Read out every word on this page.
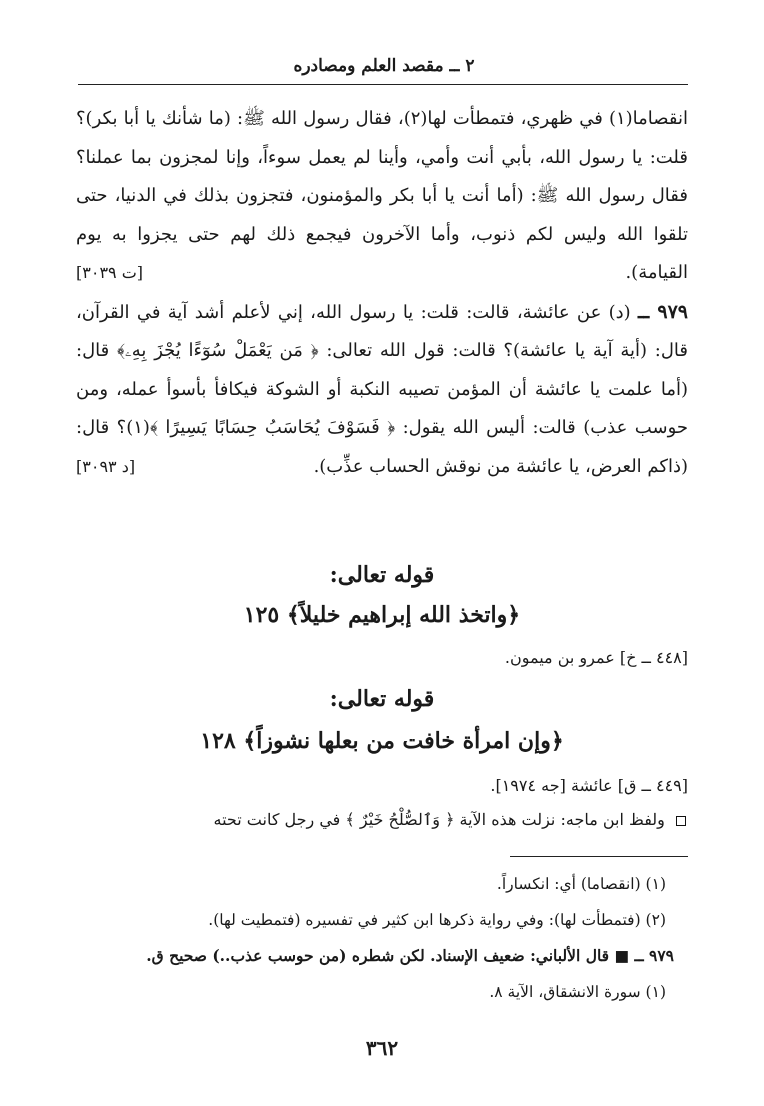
٢ ــ مقصد العلم ومصادره

انقصاما(١) في ظهري، فتمطأت لها(٢)، فقال رسول الله ﷺ: (ما شأنك يا أبا بكر)؟ قلت: يا رسول الله، بأبي أنت وأمي، وأينا لم يعمل سوءاً، وإنا لمجزون بما عملنا؟ فقال رسول الله ﷺ: (أما أنت يا أبا بكر والمؤمنون، فتجزون بذلك في الدنيا، حتى تلقوا الله وليس لكم ذنوب، وأما الآخرون فيجمع ذلك لهم حتى يجزوا به يوم القيامة).
[ت ٣٠٣٩]

٩٧٩ ــ (د) عن عائشة، قالت: قلت: يا رسول الله، إني لأعلم أشد آية في القرآن، قال: (أية آية يا عائشة)؟ قالت: قول الله تعالى: ﴿ مَن يَعْمَلْ سُوٓءًا يُجْزَ بِهِۦ﴾ قال: (أما علمت يا عائشة أن المؤمن تصيبه النكبة أو الشوكة فيكافأ بأسوأ عمله، ومن حوسب عذب) قالت: أليس الله يقول: ﴿ فَسَوْفَ يُحَاسَبُ حِسَابًا يَسِيرًا ﴾(١)؟ قال: (ذاكم العرض، يا عائشة من نوقش الحساب عذِّب).
[د ٣٠٩٣]

قوله تعالى:
﴿واتخذ الله إبراهيم خليلاً﴾ ١٢٥
[٤٤٨ ــ خ] عمرو بن ميمون.
قوله تعالى:
﴿وإن امرأة خافت من بعلها نشوزاً﴾ ١٢٨
[٤٤٩ ــ ق] عائشة [جه ١٩٧٤].
ولفظ ابن ماجه: نزلت هذه الآية ﴿ وَٱلصُّلْحُ خَيْرٌ ﴾ في رجل كانت تحته

(١) (انقصاما) أي: انكساراً.

(٢) (فتمطأت لها): وفي رواية ذكرها ابن كثير في تفسيره (فتمطيت لها).

٩٧٩ ــ ■ قال الألباني: ضعيف الإسناد. لكن شطره (من حوسب عذب..) صحيح ق.

(١) سورة الانشقاق، الآية ٨.

٣٦٢
